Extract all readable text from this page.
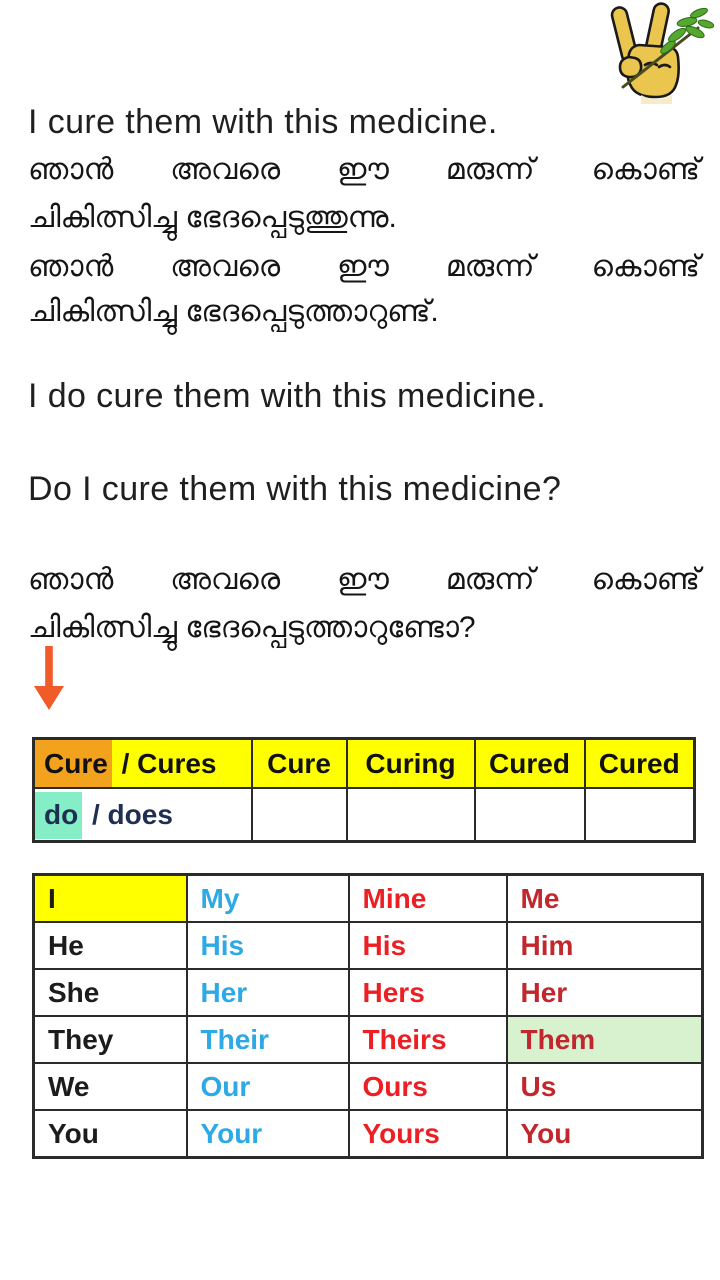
I cure them with this medicine.
ഞാൻ അവരെ ഈ മരുന്ന് കൊണ്ട്
ചികിത്സിച്ചു ഭേദപ്പെടുത്തുന്നു.
ഞാൻ അവരെ ഈ മരുന്ന് കൊണ്ട്
ചികിത്സിച്ചു ഭേദപ്പെടുത്താറുണ്ട്.
I do cure them with this medicine.
Do I cure them with this medicine?
ഞാൻ അവരെ ഈ മരുന്ന് കൊണ്ട്
ചികിത്സിച്ചു ഭേദപ്പെടുത്താറുണ്ടോ?
Cure / Cures	Cure	Curing	Cured	Cured
do / does				
I	My	Mine	Me
He	His	His	Him
She	Her	Hers	Her
They	Their	Theirs	Them
We	Our	Ours	Us
You	Your	Yours	You
